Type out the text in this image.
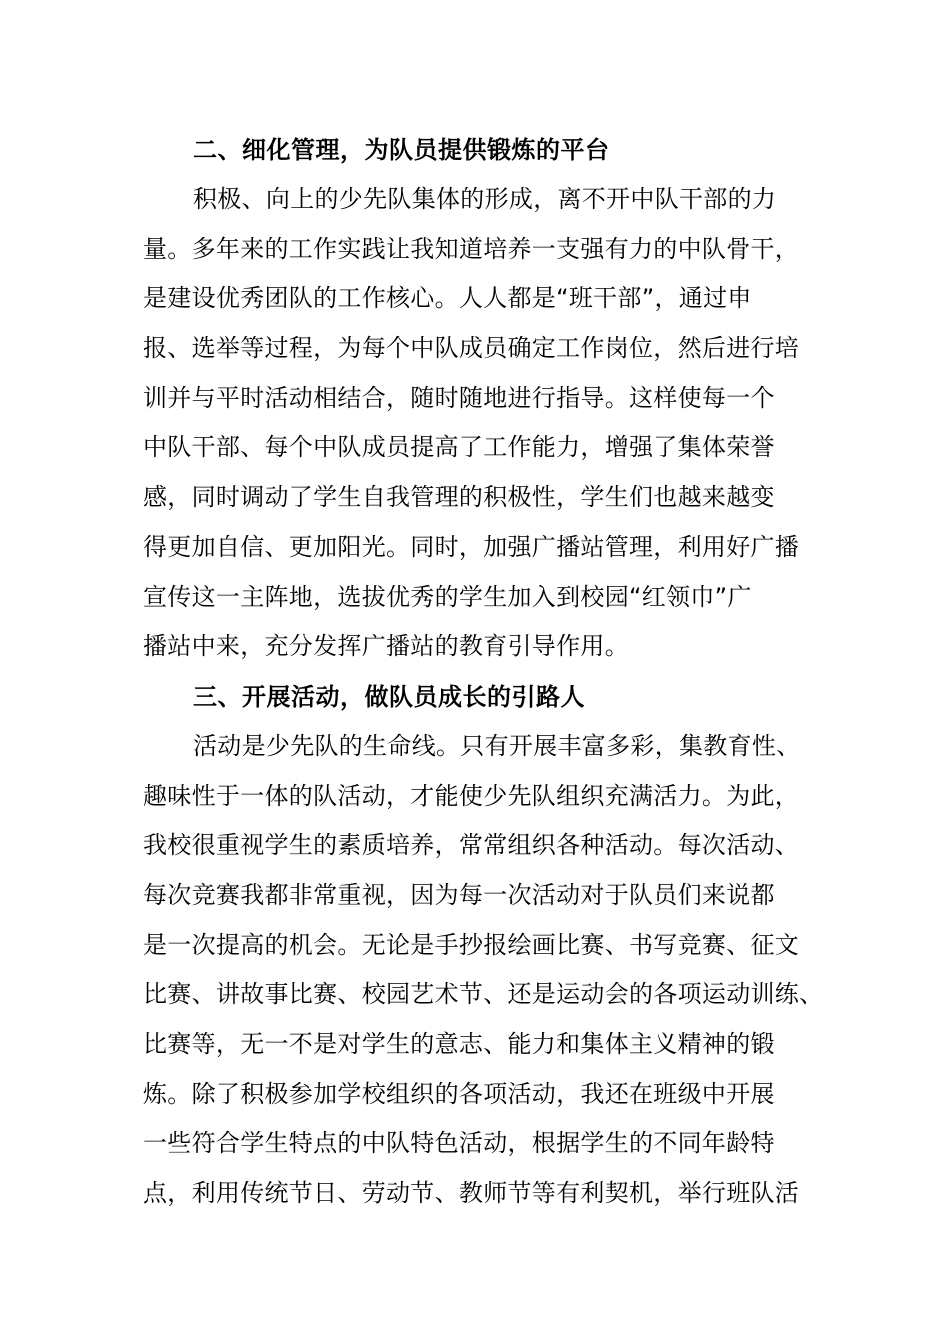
二、细化管理，为队员提供锻炼的平台
积极、向上的少先队集体的形成，离不开中队干部的力
量。多年来的工作实践让我知道培养一支强有力的中队骨干，
是建设优秀团队的工作核心。人人都是“班干部”，通过申
报、选举等过程，为每个中队成员确定工作岗位，然后进行培
训并与平时活动相结合，随时随地进行指导。这样使每一个
中队干部、每个中队成员提高了工作能力，增强了集体荣誉
感，同时调动了学生自我管理的积极性，学生们也越来越变
得更加自信、更加阳光。同时，加强广播站管理，利用好广播
宣传这一主阵地，选拔优秀的学生加入到校园“红领巾”广
播站中来，充分发挥广播站的教育引导作用。
三、开展活动，做队员成长的引路人
活动是少先队的生命线。只有开展丰富多彩，集教育性、
趣味性于一体的队活动，才能使少先队组织充满活力。为此，
我校很重视学生的素质培养，常常组织各种活动。每次活动、
每次竞赛我都非常重视，因为每一次活动对于队员们来说都
是一次提高的机会。无论是手抄报绘画比赛、书写竞赛、征文
比赛、讲故事比赛、校园艺术节、还是运动会的各项运动训练、
比赛等，无一不是对学生的意志、能力和集体主义精神的锻
炼。除了积极参加学校组织的各项活动，我还在班级中开展
一些符合学生特点的中队特色活动，根据学生的不同年龄特
点，利用传统节日、劳动节、教师节等有利契机，举行班队活
